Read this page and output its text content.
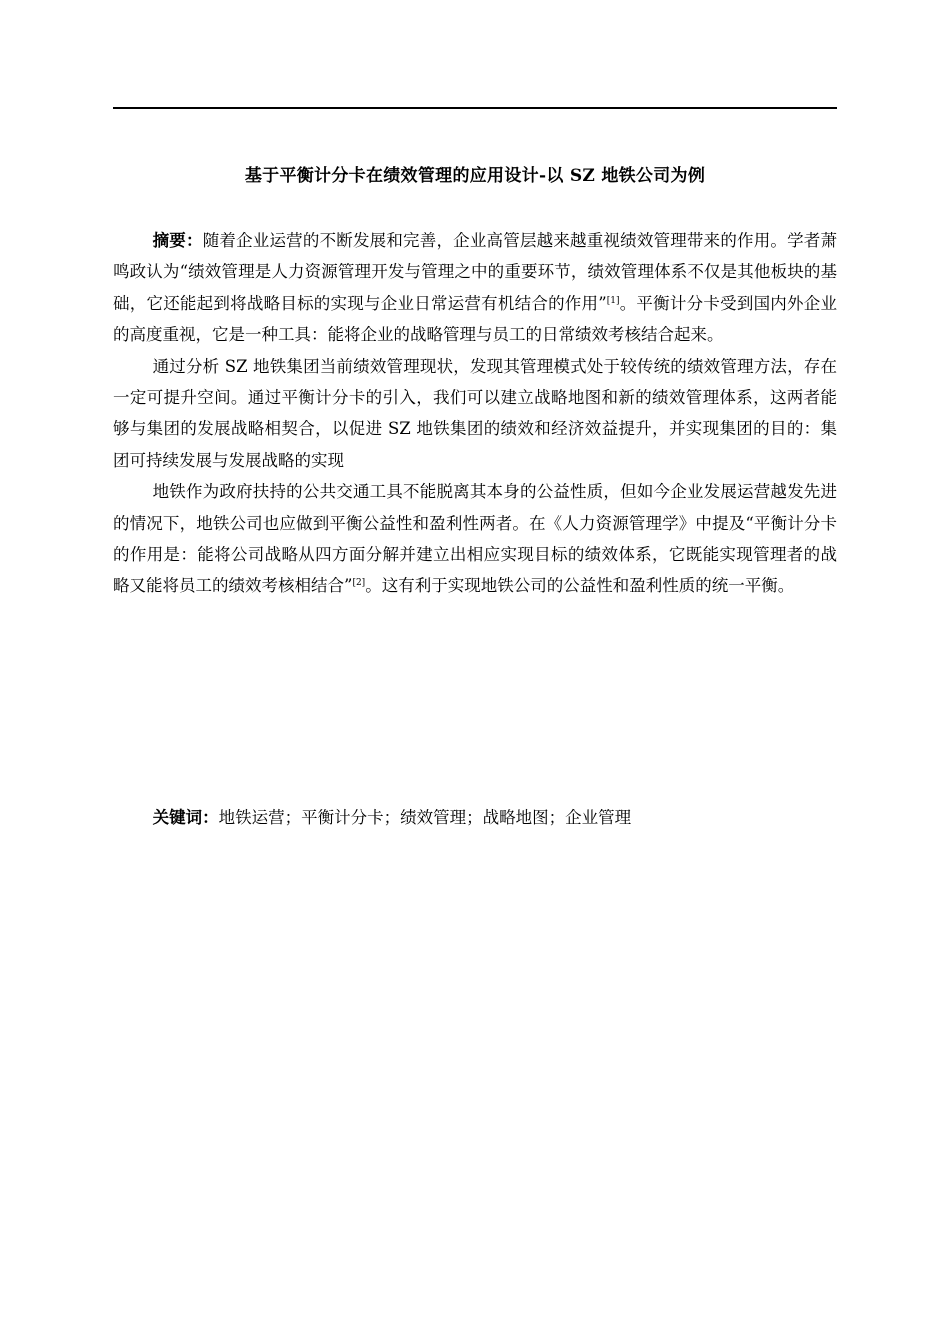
基于平衡计分卡在绩效管理的应用设计-以 SZ 地铁公司为例

摘要：随着企业运营的不断发展和完善，企业高管层越来越重视绩效管理带来的作用。学者萧鸣政认为“绩效管理是人力资源管理开发与管理之中的重要环节，绩效管理体系不仅是其他板块的基础，它还能起到将战略目标的实现与企业日常运营有机结合的作用”[1]。平衡计分卡受到国内外企业的高度重视，它是一种工具：能将企业的战略管理与员工的日常绩效考核结合起来。

通过分析 SZ 地铁集团当前绩效管理现状，发现其管理模式处于较传统的绩效管理方法，存在一定可提升空间。通过平衡计分卡的引入，我们可以建立战略地图和新的绩效管理体系，这两者能够与集团的发展战略相契合，以促进 SZ 地铁集团的绩效和经济效益提升，并实现集团的目的：集团可持续发展与发展战略的实现

地铁作为政府扶持的公共交通工具不能脱离其本身的公益性质，但如今企业发展运营越发先进的情况下，地铁公司也应做到平衡公益性和盈利性两者。在《人力资源管理学》中提及“平衡计分卡的作用是：能将公司战略从四方面分解并建立出相应实现目标的绩效体系，它既能实现管理者的战略又能将员工的绩效考核相结合”[2]。这有利于实现地铁公司的公益性和盈利性质的统一平衡。

关键词：地铁运营；平衡计分卡；绩效管理；战略地图；企业管理
